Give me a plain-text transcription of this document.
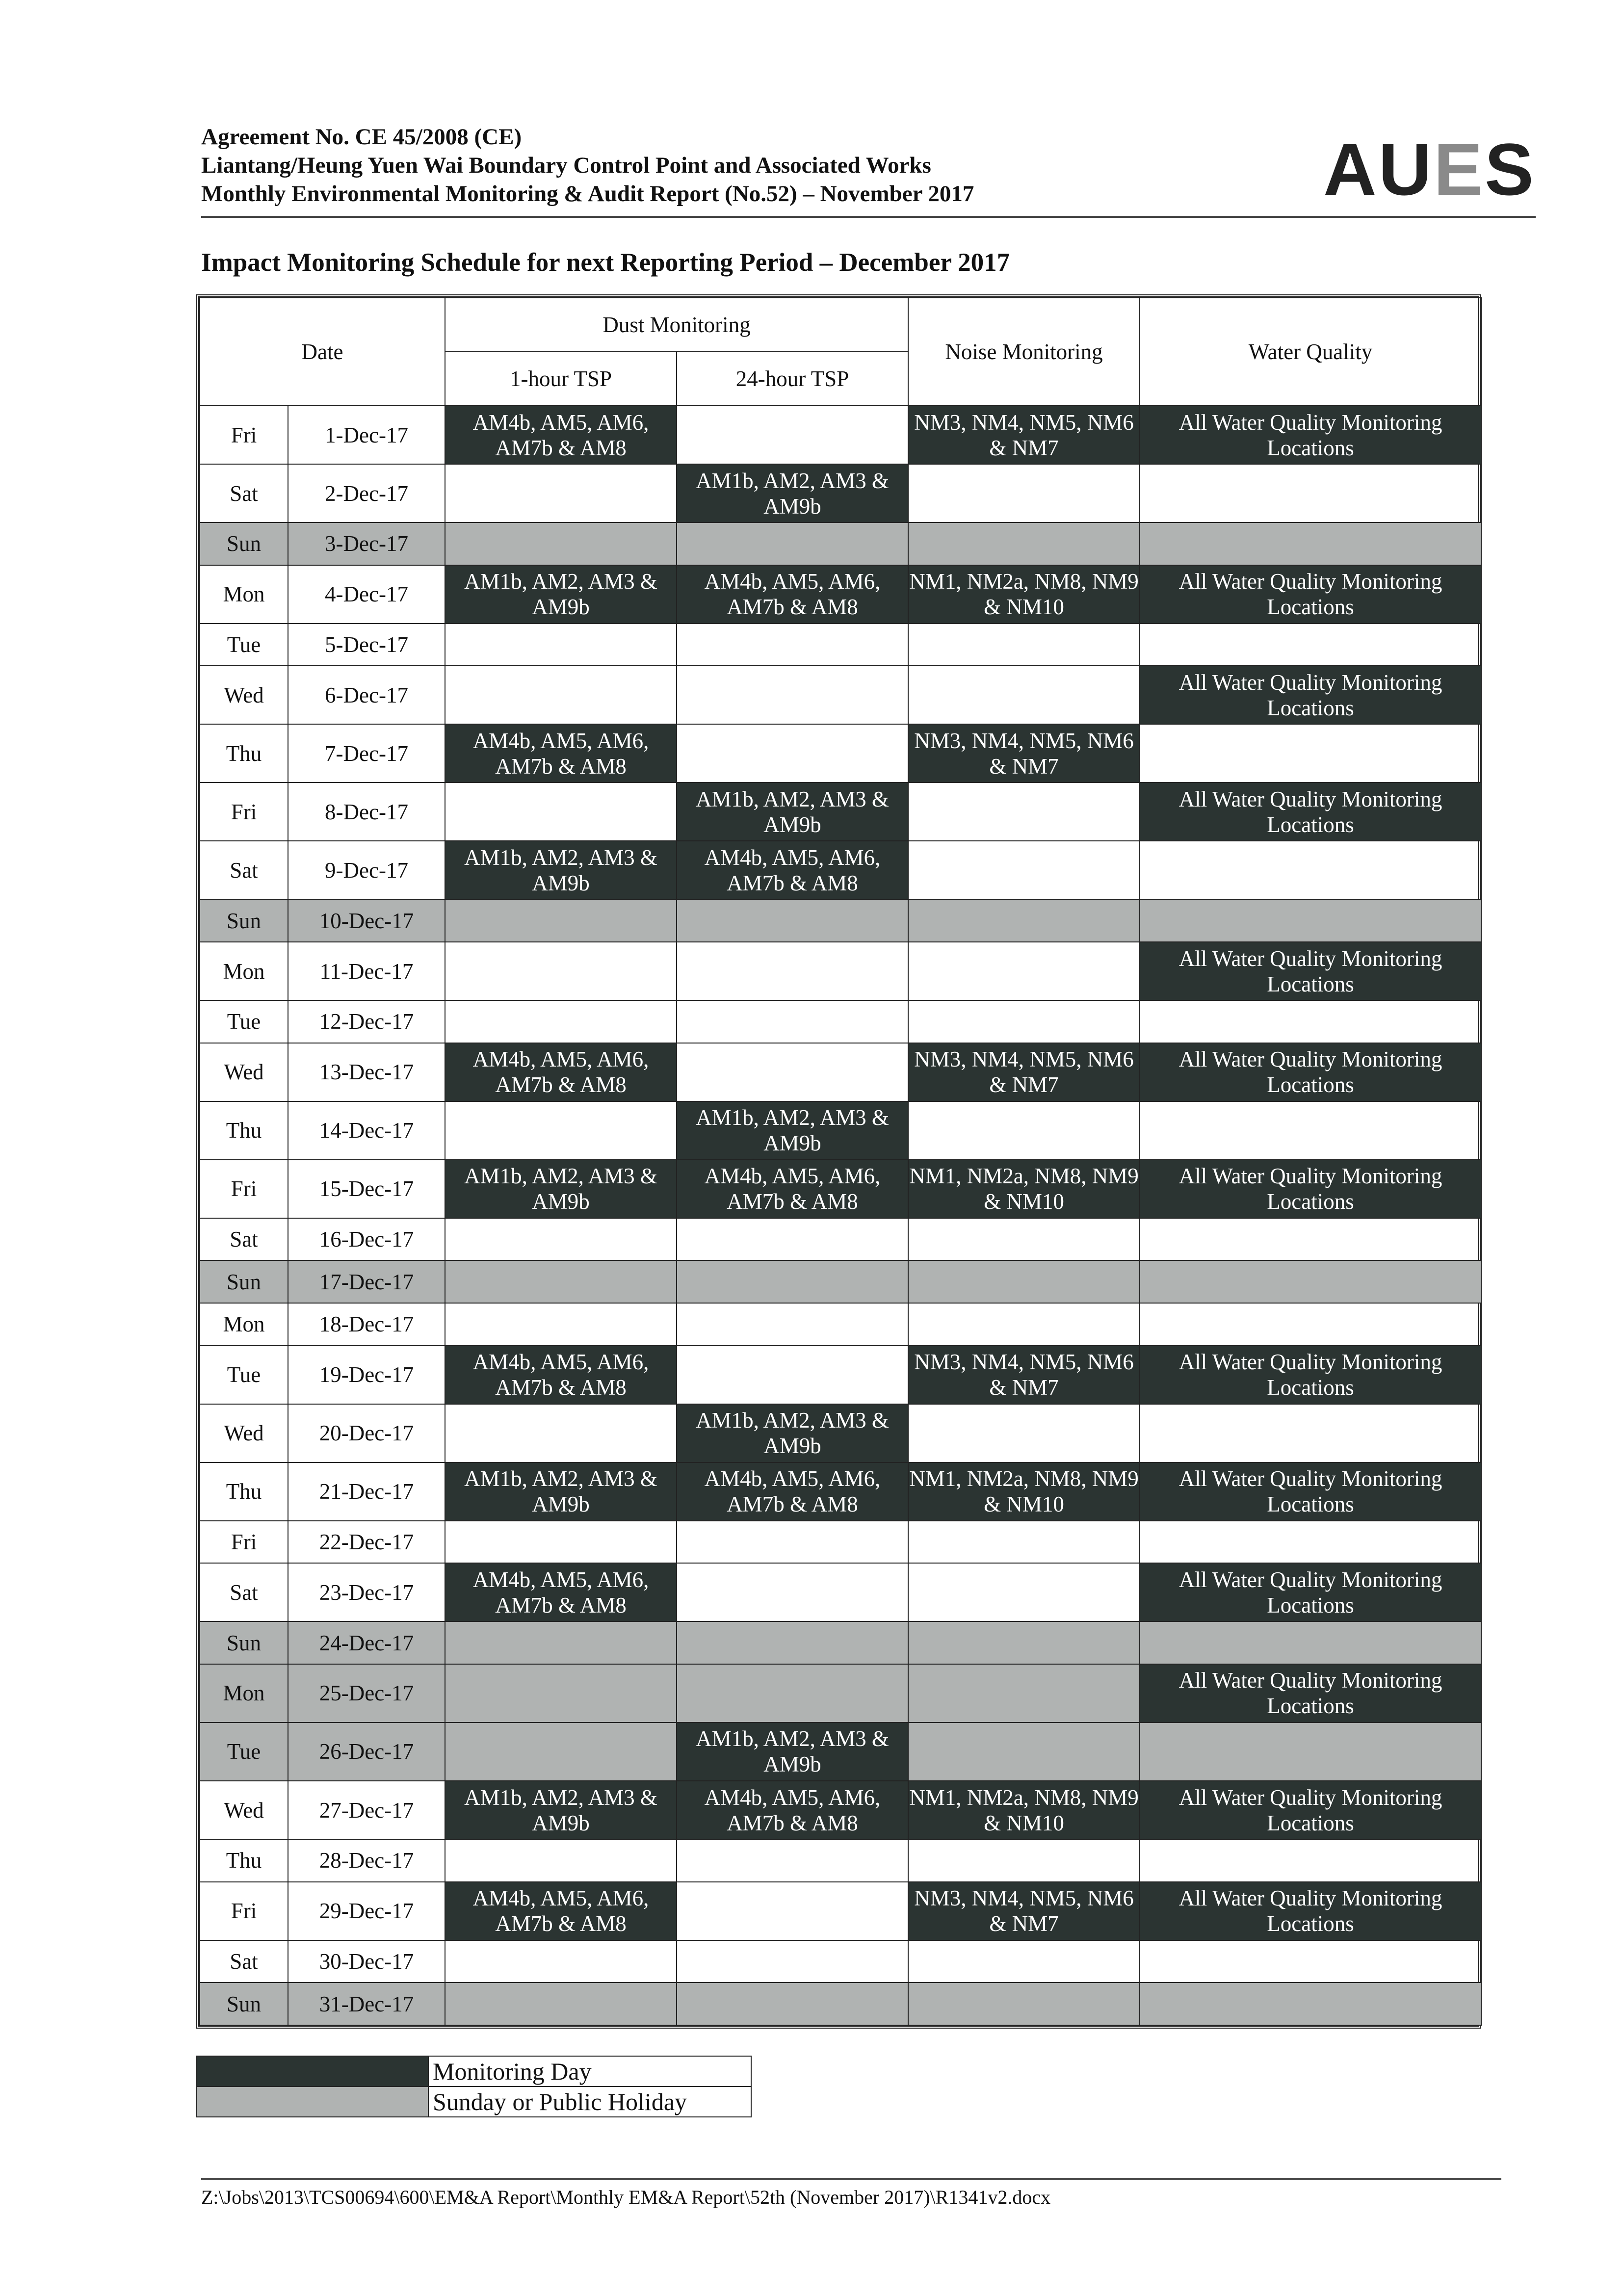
Agreement No. CE 45/2008 (CE)
Liantang/Heung Yuen Wai Boundary Control Point and Associated Works
Monthly Environmental Monitoring & Audit Report (No.52) – November 2017	AUES
Impact Monitoring Schedule for next Reporting Period – December 2017
Date		Dust Monitoring		Noise Monitoring	Water Quality
		1-hour TSP	24-hour TSP		
Fri	1-Dec-17	AM4b, AM5, AM6, AM7b & AM8		NM3, NM4, NM5, NM6 & NM7	All Water Quality Monitoring Locations
Sat	2-Dec-17		AM1b, AM2, AM3 & AM9b		
Sun	3-Dec-17				
Mon	4-Dec-17	AM1b, AM2, AM3 & AM9b	AM4b, AM5, AM6, AM7b & AM8	NM1, NM2a, NM8, NM9 & NM10	All Water Quality Monitoring Locations
Tue	5-Dec-17				
Wed	6-Dec-17				All Water Quality Monitoring Locations
Thu	7-Dec-17	AM4b, AM5, AM6, AM7b & AM8		NM3, NM4, NM5, NM6 & NM7	
Fri	8-Dec-17		AM1b, AM2, AM3 & AM9b		All Water Quality Monitoring Locations
Sat	9-Dec-17	AM1b, AM2, AM3 & AM9b	AM4b, AM5, AM6, AM7b & AM8		
Sun	10-Dec-17				
Mon	11-Dec-17				All Water Quality Monitoring Locations
Tue	12-Dec-17				
Wed	13-Dec-17	AM4b, AM5, AM6, AM7b & AM8		NM3, NM4, NM5, NM6 & NM7	All Water Quality Monitoring Locations
Thu	14-Dec-17		AM1b, AM2, AM3 & AM9b		
Fri	15-Dec-17	AM1b, AM2, AM3 & AM9b	AM4b, AM5, AM6, AM7b & AM8	NM1, NM2a, NM8, NM9 & NM10	All Water Quality Monitoring Locations
Sat	16-Dec-17				
Sun	17-Dec-17				
Mon	18-Dec-17				
Tue	19-Dec-17	AM4b, AM5, AM6, AM7b & AM8		NM3, NM4, NM5, NM6 & NM7	All Water Quality Monitoring Locations
Wed	20-Dec-17		AM1b, AM2, AM3 & AM9b		
Thu	21-Dec-17	AM1b, AM2, AM3 & AM9b	AM4b, AM5, AM6, AM7b & AM8	NM1, NM2a, NM8, NM9 & NM10	All Water Quality Monitoring Locations
Fri	22-Dec-17				
Sat	23-Dec-17	AM4b, AM5, AM6, AM7b & AM8			All Water Quality Monitoring Locations
Sun	24-Dec-17				
Mon	25-Dec-17				All Water Quality Monitoring Locations
Tue	26-Dec-17		AM1b, AM2, AM3 & AM9b		
Wed	27-Dec-17	AM1b, AM2, AM3 & AM9b	AM4b, AM5, AM6, AM7b & AM8	NM1, NM2a, NM8, NM9 & NM10	All Water Quality Monitoring Locations
Thu	28-Dec-17				
Fri	29-Dec-17	AM4b, AM5, AM6, AM7b & AM8		NM3, NM4, NM5, NM6 & NM7	All Water Quality Monitoring Locations
Sat	30-Dec-17				
Sun	31-Dec-17				
	Monitoring Day
	Sunday or Public Holiday
Z:\Jobs\2013\TCS00694\600\EM&A Report\Monthly EM&A Report\52th (November 2017)\R1341v2.docx
